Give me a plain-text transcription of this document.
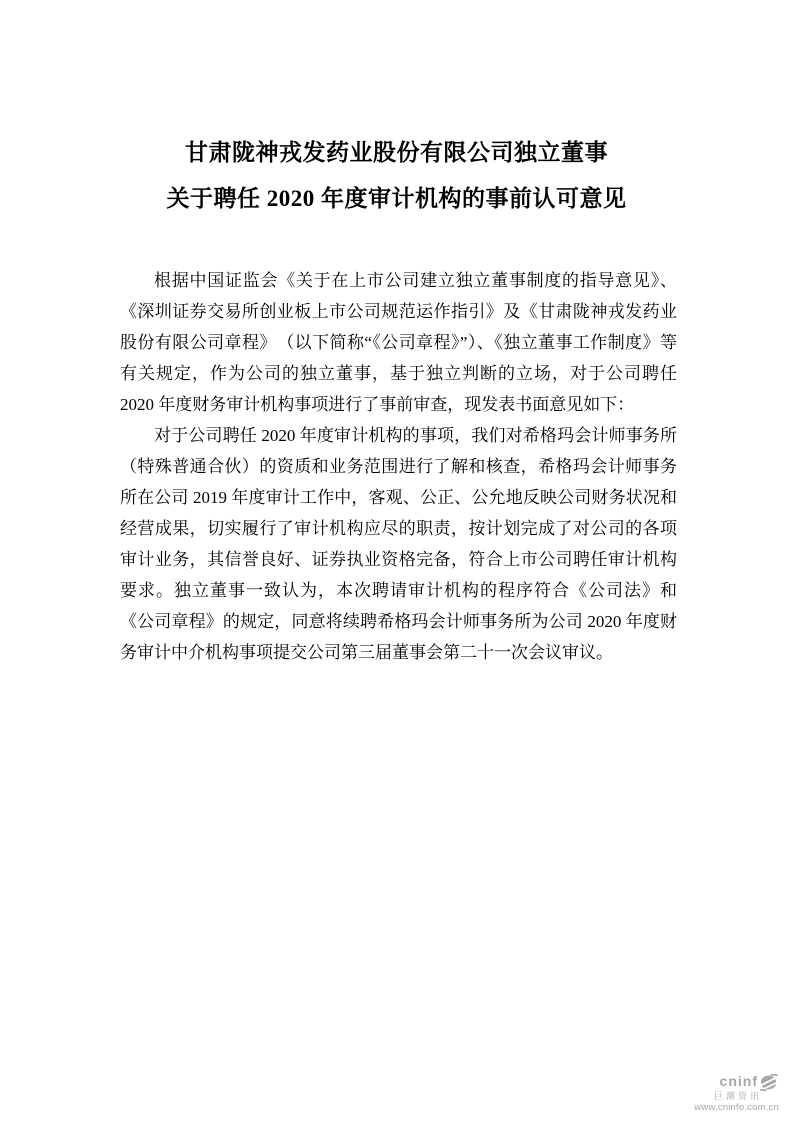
甘肃陇神戎发药业股份有限公司独立董事
关于聘任 2020 年度审计机构的事前认可意见

根据中国证监会《关于在上市公司建立独立董事制度的指导意见》、《深圳证券交易所创业板上市公司规范运作指引》及《甘肃陇神戎发药业股份有限公司章程》　（以下简称“《公司章程》”）、《独立董事工作制度》等有关规定，作为公司的独立董事，基于独立判断的立场，对于公司聘任 2020 年度财务审计机构事项进行了事前审查，现发表书面意见如下：

对于公司聘任 2020 年度审计机构的事项，我们对希格玛会计师事务所（特殊普通合伙）的资质和业务范围进行了解和核查，希格玛会计师事务所在公司 2019 年度审计工作中，客观、公正、公允地反映公司财务状况和经营成果，切实履行了审计机构应尽的职责，按计划完成了对公司的各项审计业务，其信誉良好、证券执业资格完备，符合上市公司聘任审计机构要求。独立董事一致认为，本次聘请审计机构的程序符合《公司法》和《公司章程》的规定，同意将续聘希格玛会计师事务所为公司 2020 年度财务审计中介机构事项提交公司第三届董事会第二十一次会议审议。

cninf
巨潮资讯
www.cninfo.com.cn
